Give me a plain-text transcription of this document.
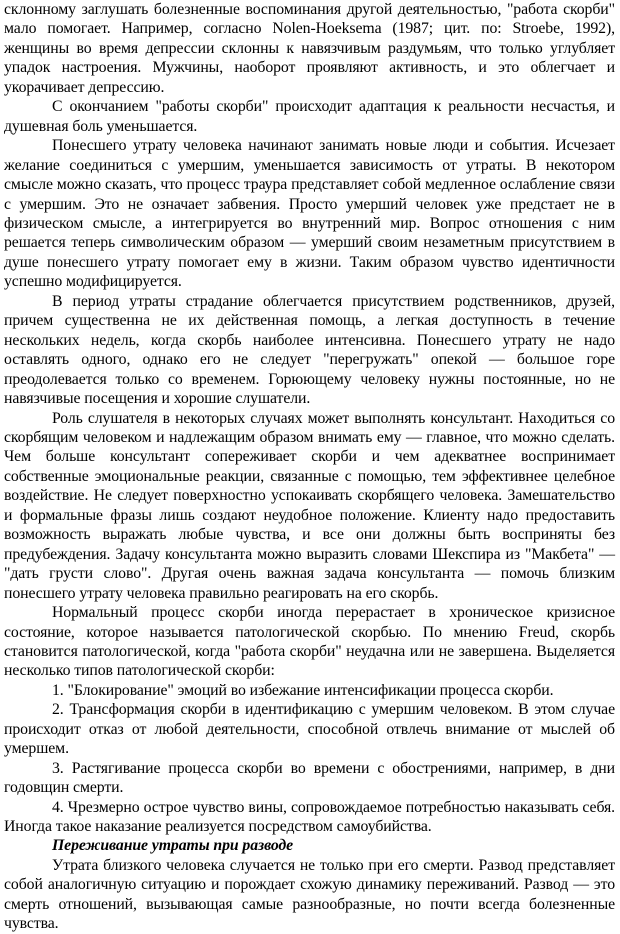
склонному заглушать болезненные воспоминания другой деятельностью, "работа скорби" мало помогает. Например, согласно Nolen-Hoeksema (1987; цит. по: Stroebe, 1992), женщины во время депрессии склонны к навязчивым раздумьям, что только углубляет упадок настроения. Мужчины, наоборот проявляют активность, и это облегчает и укорачивает депрессию.

С окончанием "работы скорби" происходит адаптация к реальности несчастья, и душевная боль уменьшается.

Понесшего утрату человека начинают занимать новые люди и события. Исчезает желание соединиться с умершим, уменьшается зависимость от утраты. В некотором смысле можно сказать, что процесс траура представляет собой медленное ослабление связи с умершим. Это не означает забвения. Просто умерший человек уже предстает не в физическом смысле, а интегрируется во внутренний мир. Вопрос отношения с ним решается теперь символическим образом — умерший своим незаметным присутствием в душе понесшего утрату помогает ему в жизни. Таким образом чувство идентичности успешно модифицируется.

В период утраты страдание облегчается присутствием родственников, друзей, причем существенна не их действенная помощь, а легкая доступность в течение нескольких недель, когда скорбь наиболее интенсивна. Понесшего утрату не надо оставлять одного, однако его не следует "перегружать" опекой — большое горе преодолевается только со временем. Горюющему человеку нужны постоянные, но не навязчивые посещения и хорошие слушатели.

Роль слушателя в некоторых случаях может выполнять консультант. Находиться со скорбящим человеком и надлежащим образом внимать ему — главное, что можно сделать. Чем больше консультант сопереживает скорби и чем адекватнее воспринимает собственные эмоциональные реакции, связанные с помощью, тем эффективнее целебное воздействие. Не следует поверхностно успокаивать скорбящего человека. Замешательство и формальные фразы лишь создают неудобное положение. Клиенту надо предоставить возможность выражать любые чувства, и все они должны быть восприняты без предубеждения. Задачу консультанта можно выразить словами Шекспира из "Макбета" — "дать грусти слово". Другая очень важная задача консультанта — помочь близким понесшего утрату человека правильно реагировать на его скорбь.

Нормальный процесс скорби иногда перерастает в хроническое кризисное состояние, которое называется патологической скорбью. По мнению Freud, скорбь становится патологической, когда "работа скорби" неудачна или не завершена. Выделяется несколько типов патологической скорби:

1. "Блокирование" эмоций во избежание интенсификации процесса скорби.

2. Трансформация скорби в идентификацию с умершим человеком. В этом случае происходит отказ от любой деятельности, способной отвлечь внимание от мыслей об умершем.

3. Растягивание процесса скорби во времени с обострениями, например, в дни годовщин смерти.

4. Чрезмерно острое чувство вины, сопровождаемое потребностью наказывать себя. Иногда такое наказание реализуется посредством самоубийства.

Переживание утраты при разводе

Утрата близкого человека случается не только при его смерти. Развод представляет собой аналогичную ситуацию и порождает схожую динамику переживаний. Развод — это смерть отношений, вызывающая самые разнообразные, но почти всегда болезненные чувства.
